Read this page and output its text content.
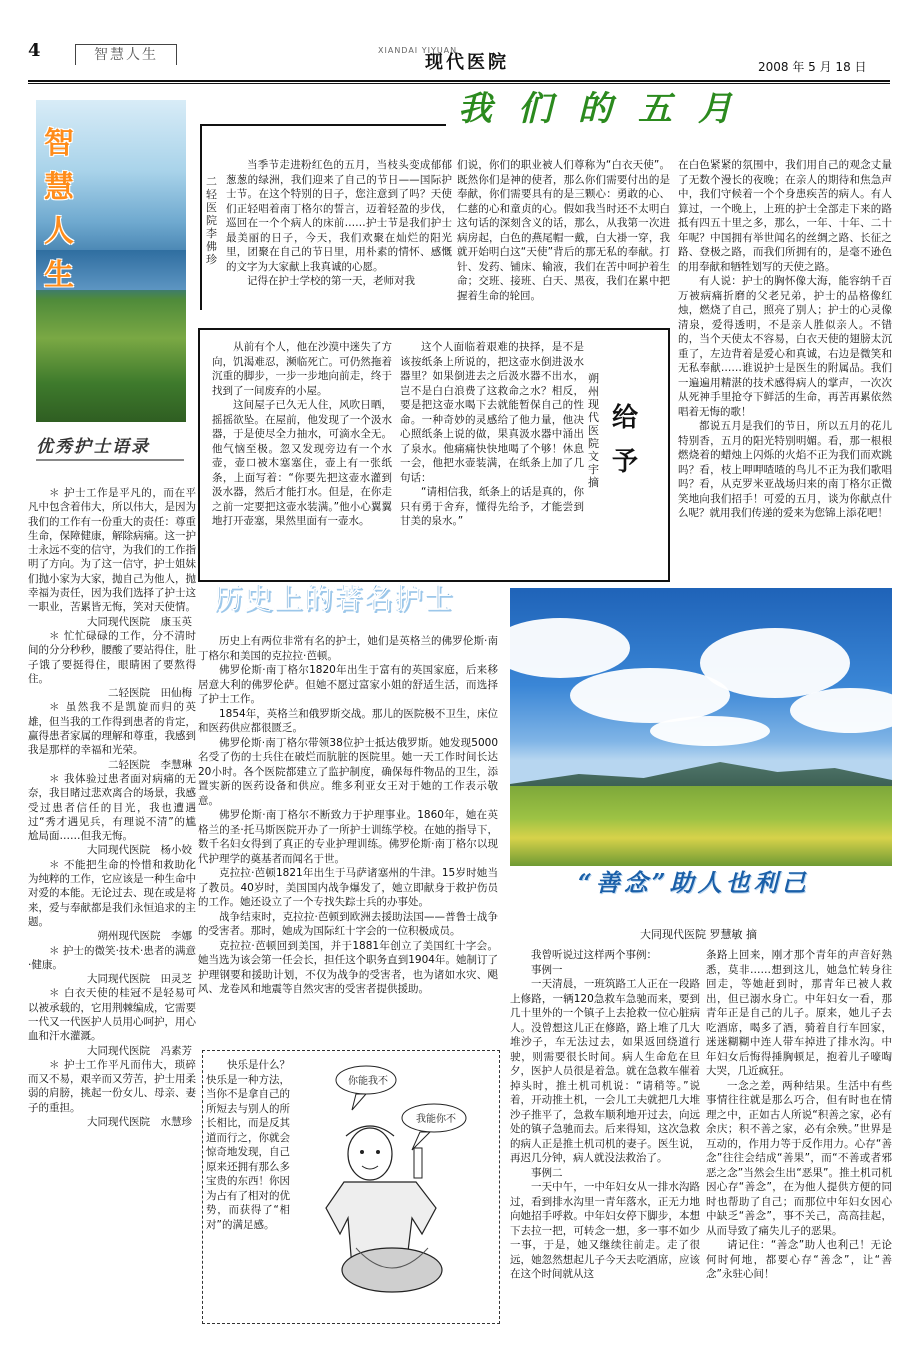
4	智慧人生	XIANDAI YIYUAN
现代医院	2008 年 5 月 18 日
智
慧
人
生
优秀护士语录

＊ 护士工作是平凡的，而在平凡中包含着伟大，所以伟大，是因为我们的工作有一份重大的责任：尊重生命，保障健康，解除病痛。这一护士永远不变的信守，为我们的工作指明了方向。为了这一信守，护士姐妹们抛小家为大家，抛自己为他人，抛幸福为责任，因为我们选择了护士这一职业，苦累皆无悔，笑对天使情。

大同现代医院　康玉英

＊ 忙忙碌碌的工作，分不清时间的分分秒秒，腰酸了要站得住，肚子饿了要挺得住，眼睛困了要熬得住。

二轻医院　田仙梅

＊ 虽然我不是凯旋而归的英雄，但当我的工作得到患者的肯定，赢得患者家属的理解和尊重，我感到我是那样的幸福和光荣。

二轻医院　李慧琳

＊ 我体验过患者面对病痛的无奈，我目睹过悲欢离合的场景，我感受过患者信任的目光，我也遭遇过“秀才遇见兵，有理说不清”的尴尬局面……但我无悔。

大同现代医院　杨小姣

＊ 不能把生命的怜惜和救助化为纯粹的工作，它应该是一种生命中对爱的本能。无论过去、现在或是将来，爱与奉献都是我们永恒追求的主题。

朔州现代医院　李娜

＊ 护士的微笑·技术·患者的满意·健康。

大同现代医院　田灵芝

＊ 白衣天使的桂冠不是轻易可以被承载的，它用荆棘编成，它需要一代又一代医护人员用心呵护，用心血和汗水灌溉。

大同现代医院　冯素芳

＊ 护士工作平凡而伟大，琐碎而又不易，艰辛而又劳苦，护士用柔弱的肩膀，挑起一份女儿、母亲、妻子的重担。

大同现代医院　水慧珍

我们的五月
二轻医院　李佛珍

当季节走进粉红色的五月，当枝头变成郁郁葱葱的绿洲，我们迎来了自己的节日——国际护士节。在这个特别的日子，您注意到了吗？天使们正轻唱着南丁格尔的誓言，迈着轻盈的步伐，巡回在一个个病人的床前……护士节是我们护士最美丽的日子，今天，我们欢聚在灿烂的阳光里，团聚在自己的节日里，用朴素的情怀、感慨的文字为大家献上我真诚的心愿。

记得在护士学校的第一天，老师对我

们说，你们的职业被人们尊称为“白衣天使”。既然你们是神的使者，那么你们需要付出的是奉献，你们需要具有的是三颗心：勇敢的心、仁慈的心和童贞的心。假如我当时还不太明白这句话的深刻含义的话，那么，从我第一次进病房起，白色的燕尾帽一戴，白大褂一穿，我就开始明白这“天使”背后的那无私的奉献。打针、发药、铺床、输液，我们在苦中呵护着生命；交班、接班、白天、黑夜，我们在累中把握着生命的轮回。

在白色紧紧的氛围中，我们用自己的观念丈量了无数个漫长的夜晚；在亲人的期待和焦急声中，我们守候着一个个身患疾苦的病人。有人算过，一个晚上，上班的护士全部走下来的路抵有四五十里之多，那么，一年、十年、二十年呢？中国拥有举世闻名的丝绸之路、长征之路、登极之路，而我们所拥有的，是毫不逊色的用奉献和牺牲划写的天使之路。

有人说：护士的胸怀像大海，能容纳千百万被病痛折磨的父老兄弟，护士的品格像红烛，燃烧了自己，照亮了别人；护士的心灵像清泉，爱得透明，不是亲人胜似亲人。不错的，当个天使太不容易，白衣天使的翅膀太沉重了，左边背着是爱心和真诚，右边是微笑和无私奉献……谁说护士是医生的附属品。我们一遍遍用精湛的技术感得病人的掌声，一次次从死神手里抢夺下鲜活的生命，再苦再累依然唱着无悔的歌！

都说五月是我们的节日，所以五月的花儿特别香，五月的阳光特别明媚。看，那一根根燃烧着的蜡烛上闪烁的火焰不正为我们而欢跳吗？看，枝上呷呷喳喳的鸟儿不正为我们歌唱吗？看，从克罗米亚战场归来的南丁格尔正微笑地向我们招手！可爱的五月，谈为你献点什么呢？就用我们传递的爱来为您锦上添花吧！

从前有个人，他在沙漠中迷失了方向，饥渴难忍，濒临死亡。可仍然拖着沉重的脚步，一步一步地向前走，终于找到了一间废弃的小屋。

这间屋子已久无人住，风吹日晒，摇摇欲坠。在屋前，他发现了一个汲水器，于是使尽全力抽水，可滴水全无。他气恼至极。忽又发现旁边有一个水壶，壶口被木塞塞住，壶上有一张纸条，上面写着：“你要先把这壶水灌到汲水器，然后才能打水。但是，在你走之前一定要把这壶水装满。”他小心翼翼地打开壶塞，果然里面有一壶水。

这个人面临着艰难的抉择，是不是该按纸条上所说的，把这壶水倒进汲水器里？如果倒进去之后汲水器不出水，岂不是白白浪费了这救命之水？相反，要是把这壶水喝下去就能暂保自己的性命。一种奇妙的灵感给了他力量，他决心照纸条上说的做，果真汲水器中涌出了泉水。他痛痛快快地喝了个够！休息一会，他把水壶装满，在纸条上加了几句话：

“请相信我，纸条上的话是真的，你只有勇于舍弃，懂得先给予，才能尝到甘美的泉水。”

朔州现代医院　文宇　摘
给予
历史上的著名护士

历史上有两位非常有名的护士，她们是英格兰的佛罗伦斯·南丁格尔和美国的克拉拉·芭顿。

佛罗伦斯·南丁格尔1820年出生于富有的英国家庭，后来移居意大利的佛罗伦萨。但她不愿过富家小姐的舒适生活，而选择了护士工作。

1854年，英格兰和俄罗斯交战。那儿的医院极不卫生，床位和医药供应都很匮乏。

佛罗伦斯·南丁格尔带领38位护士抵达俄罗斯。她发现5000名受了伤的士兵住在破烂而肮脏的医院里。她一天工作时间长达20小时。各个医院都建立了监护制度，确保每件物品的卫生，添置实新的医药设备和供应。维多利亚女王对于她的工作表示敬意。

佛罗伦斯·南丁格尔不断致力于护理事业。1860年，她在英格兰的圣·托马斯医院开办了一所护士训练学校。在她的指导下，数千名妇女得到了真正的专业护理训练。佛罗伦斯·南丁格尔以现代护理学的奠基者而闻名于世。

克拉拉·芭顿1821年出生于马萨诸塞州的牛津。15岁时她当了教员。40岁时，美国国内战争爆发了，她立即献身于救护伤员的工作。她还设立了一个专找失踪士兵的办事处。

战争结束时，克拉拉·芭顿到欧洲去援助法国——普鲁士战争的受害者。那时，她成为国际红十字会的一位积极成员。

克拉拉·芭顿回到美国，并于1881年创立了美国红十字会。她当选为该会第一任会长，担任这个职务直到1904年。她制订了护理钢要和援助计划，不仅为战争的受害者，也为诸如水灾、飓风、龙卷风和地震等自然灾害的受害者提供援助。

“善念”助人也利己
大同现代医院 罗慧敏 摘

我曾听说过这样两个事例：

事例一

一天清晨，一班筑路工人正在一段路上修路，一辆120急救车急驰而来，要到几十里外的一个镇子上去抢救一位心脏病人。没曾想这儿正在修路，路上堆了几大堆沙子，车无法过去，如果返回绕道行驶，则需要很长时间。病人生命危在旦夕，医护人员很是着急。就在急救车催着掉头时，推土机司机说：“请稍等。”说着，开动推土机，一会儿工夫就把几大堆沙子推平了，急救车顺利地开过去，向远处的镇子急驰而去。后来得知，这次急救的病人正是推土机司机的妻子。医生说，再迟几分钟，病人就没法救治了。

事例二

一天中午，一中年妇女从一排水沟路过，看到排水沟里一青年落水，正无力地向她招手呼救。中年妇女停下脚步，本想下去拉一把，可转念一想，多一事不如少一事，于是，她又继续往前走。走了很远，她忽然想起儿子今天去吃酒席，应该在这个时间就从这

条路上回来，刚才那个青年的声音好熟悉，莫非……想到这儿，她急忙转身往回走，等她赶到时，那青年已被人救出，但已溺水身亡。中年妇女一看，那青年正是自己的儿子。原来，她儿子去吃酒席，喝多了酒，骑着自行车回家，迷迷糊糊中连人带车掉进了排水沟。中年妇女后悔得捶胸顿足，抱着儿子嚎啕大哭，几近疯狂。

一念之差，两种结果。生活中有些事情往往就是那么巧合，但有时也在情理之中，正如古人所说“积善之家，必有余庆；积不善之家，必有余殃。”世界是互动的，作用力等于反作用力。心存“善念”往往会结成“善果”，而“不善或者邪恶之念”当然会生出“恶果”。推土机司机因心存“善念”，在为他人提供方便的同时也帮助了自己；而那位中年妇女因心中缺乏“善念”，事不关己，高高挂起，从而导致了痛失儿子的恶果。

请记住：“善念”助人也利己！无论何时何地，都要心存“善念”，让“善念”永驻心间！

快乐是什么？快乐是一种方法，当你不是拿自己的所短去与别人的所长相比，而是反其道而行之，你就会惊奇地发现，自己原来还拥有那么多宝贵的东西！你因为占有了相对的优势，而获得了“相对”的满足感。
你能我不
我能你不
